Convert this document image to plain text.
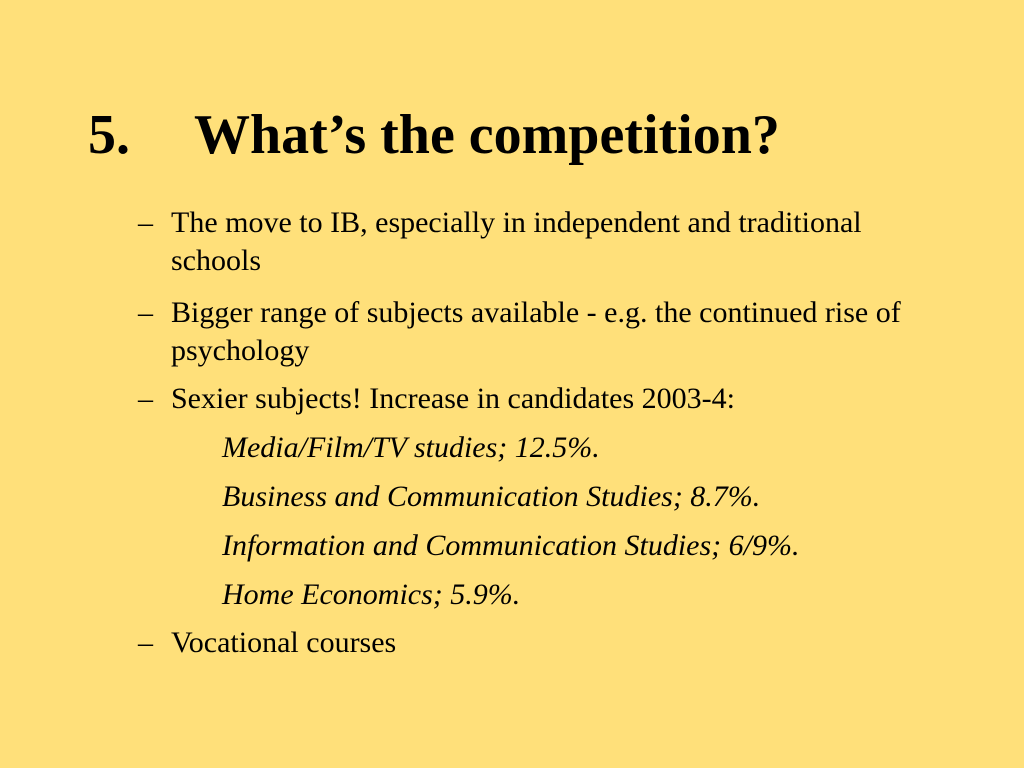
5. What’s the competition?
– The move to IB, especially in independent and traditional schools
– Bigger range of subjects available - e.g. the continued rise of psychology
– Sexier subjects! Increase in candidates 2003-4:
Media/Film/TV studies; 12.5%.
Business and Communication Studies; 8.7%.
Information and Communication Studies; 6/9%.
Home Economics; 5.9%.
– Vocational courses
